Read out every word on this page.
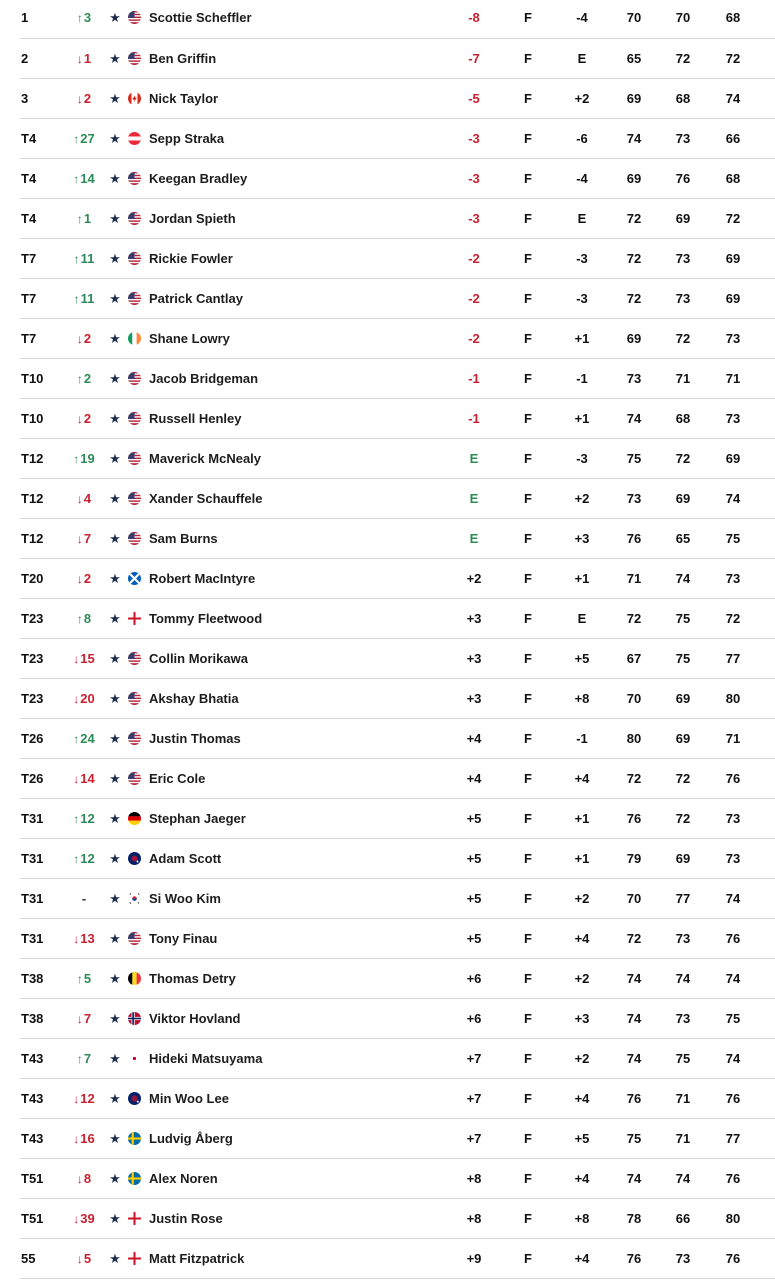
1	↑3	★ Scottie Scheffler	-8	F	-4	70	70	68
2	↓1	★ Ben Griffin	-7	F	E	65	72	72
3	↓2	★ Nick Taylor	-5	F	+2	69	68	74
T4	↑27	★ Sepp Straka	-3	F	-6	74	73	66
T4	↑14	★ Keegan Bradley	-3	F	-4	69	76	68
T4	↑1	★ Jordan Spieth	-3	F	E	72	69	72
T7	↑11	★ Rickie Fowler	-2	F	-3	72	73	69
T7	↑11	★ Patrick Cantlay	-2	F	-3	72	73	69
T7	↓2	★ Shane Lowry	-2	F	+1	69	72	73
T10	↑2	★ Jacob Bridgeman	-1	F	-1	73	71	71
T10	↓2	★ Russell Henley	-1	F	+1	74	68	73
T12	↑19	★ Maverick McNealy	E	F	-3	75	72	69
T12	↓4	★ Xander Schauffele	E	F	+2	73	69	74
T12	↓7	★ Sam Burns	E	F	+3	76	65	75
T20	↓2	★ Robert MacIntyre	+2	F	+1	71	74	73
T23	↑8	★ Tommy Fleetwood	+3	F	E	72	75	72
T23	↓15	★ Collin Morikawa	+3	F	+5	67	75	77
T23	↓20	★ Akshay Bhatia	+3	F	+8	70	69	80
T26	↑24	★ Justin Thomas	+4	F	-1	80	69	71
T26	↓14	★ Eric Cole	+4	F	+4	72	72	76
T31	↑12	★ Stephan Jaeger	+5	F	+1	76	72	73
T31	↑12	★ Adam Scott	+5	F	+1	79	69	73
T31	-	★ Si Woo Kim	+5	F	+2	70	77	74
T31	↓13	★ Tony Finau	+5	F	+4	72	73	76
T38	↑5	★ Thomas Detry	+6	F	+2	74	74	74
T38	↓7	★ Viktor Hovland	+6	F	+3	74	73	75
T43	↑7	★ Hideki Matsuyama	+7	F	+2	74	75	74
T43	↓12	★ Min Woo Lee	+7	F	+4	76	71	76
T43	↓16	★ Ludvig Åberg	+7	F	+5	75	71	77
T51	↓8	★ Alex Noren	+8	F	+4	74	74	76
T51	↓39	★ Justin Rose	+8	F	+8	78	66	80
55	↓5	★ Matt Fitzpatrick	+9	F	+4	76	73	76
